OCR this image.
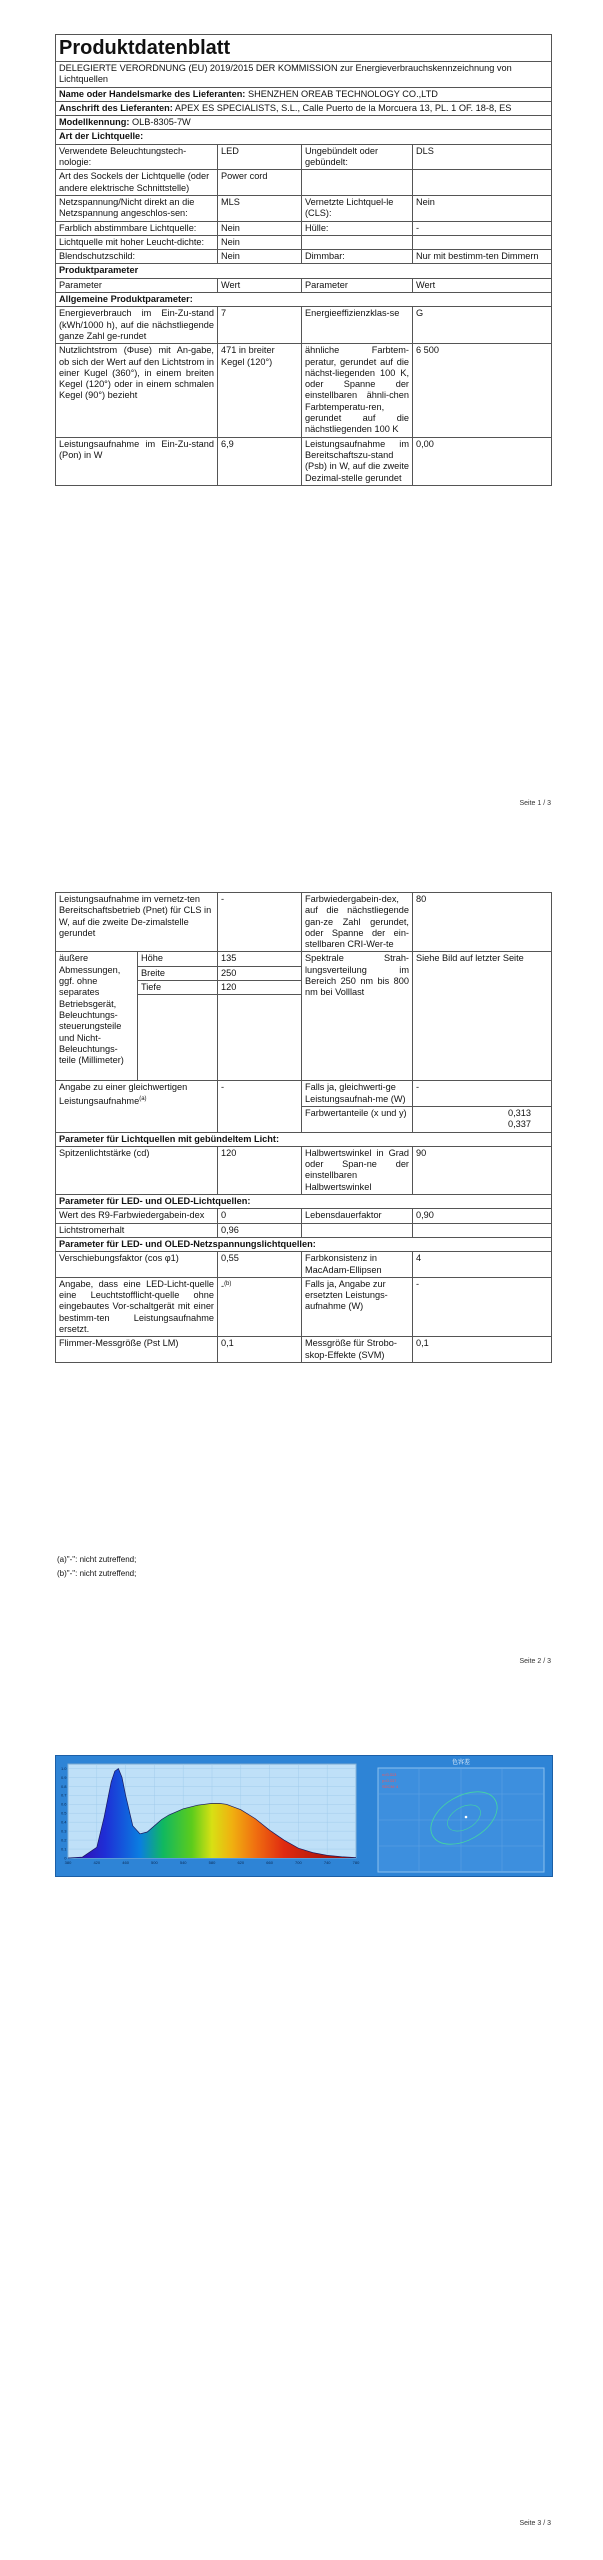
Produktdatenblatt			
DELEGIERTE VERORDNUNG (EU) 2019/2015 DER KOMMISSION zur Energieverbrauchskennzeichnung von Lichtquellen			
Name oder Handelsmarke des Lieferanten: SHENZHEN OREAB TECHNOLOGY CO.,LTD			
Anschrift des Lieferanten: APEX ES SPECIALISTS, S.L., Calle Puerto de la Morcuera 13, PL. 1 OF. 18-8, ES			
Modellkennung: OLB-8305-7W			
Art der Lichtquelle:			
Verwendete Beleuchtungstech-nologie:	LED	Ungebündelt oder gebündelt:	DLS
Art des Sockels der Lichtquelle (oder andere elektrische Schnittstelle)	Power cord		
Netzspannung/Nicht direkt an die Netzspannung angeschlos-sen:	MLS	Vernetzte Lichtquel-le (CLS):	Nein
Farblich abstimmbare Lichtquelle:	Nein	Hülle:	-
Lichtquelle mit hoher Leucht-dichte:	Nein		
Blendschutzschild:	Nein	Dimmbar:	Nur mit bestimm-ten Dimmern
Produktparameter			
Parameter	Wert	Parameter	Wert
Allgemeine Produktparameter:			
Energieverbrauch im Ein-Zu-stand (kWh/1000 h), auf die nächstliegende ganze Zahl ge-rundet	7	Energieeffizienzklas-se	G
Nutzlichtstrom (Φuse) mit An-gabe, ob sich der Wert auf den Lichtstrom in einer Kugel (360°), in einem breiten Kegel (120°) oder in einem schmalen Kegel (90°) bezieht	471 in breiter Kegel (120°)	ähnliche Farbtem-peratur, gerundet auf die nächst-liegenden 100 K, oder Spanne der einstellbaren ähnli-chen Farbtemperatu-ren, gerundet auf die nächstliegenden 100 K	6 500
Leistungsaufnahme im Ein-Zu-stand (Pon) in W	6,9	Leistungsaufnahme im Bereitschaftszu-stand (Psb) in W, auf die zweite Dezimal-stelle gerundet	0,00
Seite 1 / 3
Leistungsaufnahme im vernetz-ten Bereitschaftsbetrieb (Pnet) für CLS in W, auf die zweite De-zimalstelle gerundet		-	Farbwiedergabein-dex, auf die nächstliegende gan-ze Zahl gerundet, oder Spanne der ein-stellbaren CRI-Wer-te	80
äußere Abmessungen, ggf. ohne separates Betriebsgerät, Beleuchtungs-steuerungsteile und Nicht-Beleuchtungs-teile (Millimeter)	Höhe	135	Spektrale Strah-lungsverteilung im Bereich 250 nm bis 800 nm bei Volllast	Siehe Bild auf letzter Seite
	Breite	250		
	Tiefe	120		

Angabe zu einer gleichwertigen Leistungsaufnahme$^{(a)}$		-	Falls ja, gleichwerti-ge Leistungsaufnah-me (W)	-
			Farbwertanteile (x und y)	0,313
0,337
Parameter für Lichtquellen mit gebündeltem Licht:				
Spitzenlichtstärke (cd)		120	Halbwertswinkel in Grad oder Span-ne der einstellbaren Halbwertswinkel	90
Parameter für LED- und OLED-Lichtquellen:				
Wert des R9-Farbwiedergabein-dex		0	Lebensdauerfaktor	0,90
Lichtstromerhalt		0,96		
Parameter für LED- und OLED-Netzspannungslichtquellen:				
Verschiebungsfaktor (cos φ1)		0,55	Farbkonsistenz in MacAdam-Ellipsen	4
Angabe, dass eine LED-Licht-quelle eine Leuchtstofflicht-quelle ohne eingebautes Vor-schaltgerät mit einer bestimm-ten Leistungsaufnahme ersetzt.		-$^{(b)}$	Falls ja, Angabe zur ersetzten Leistungs-aufnahme (W)	-
Flimmer-Messgröße (Pst LM)		0,1	Messgröße für Strobo-skop-Effekte (SVM)	0,1
(a)"-": nicht zutreffend;
(b)"-": nicht zutreffend;
Seite 2 / 3
0
0.1
0.2
0.3
0.4
0.5
0.6
0.7
0.8
0.9
1.0
380	420	460	500	540	580	620	660	700	740	780
色容差
x=0.313
y=0.337
SDCM: 4
Seite 3 / 3
